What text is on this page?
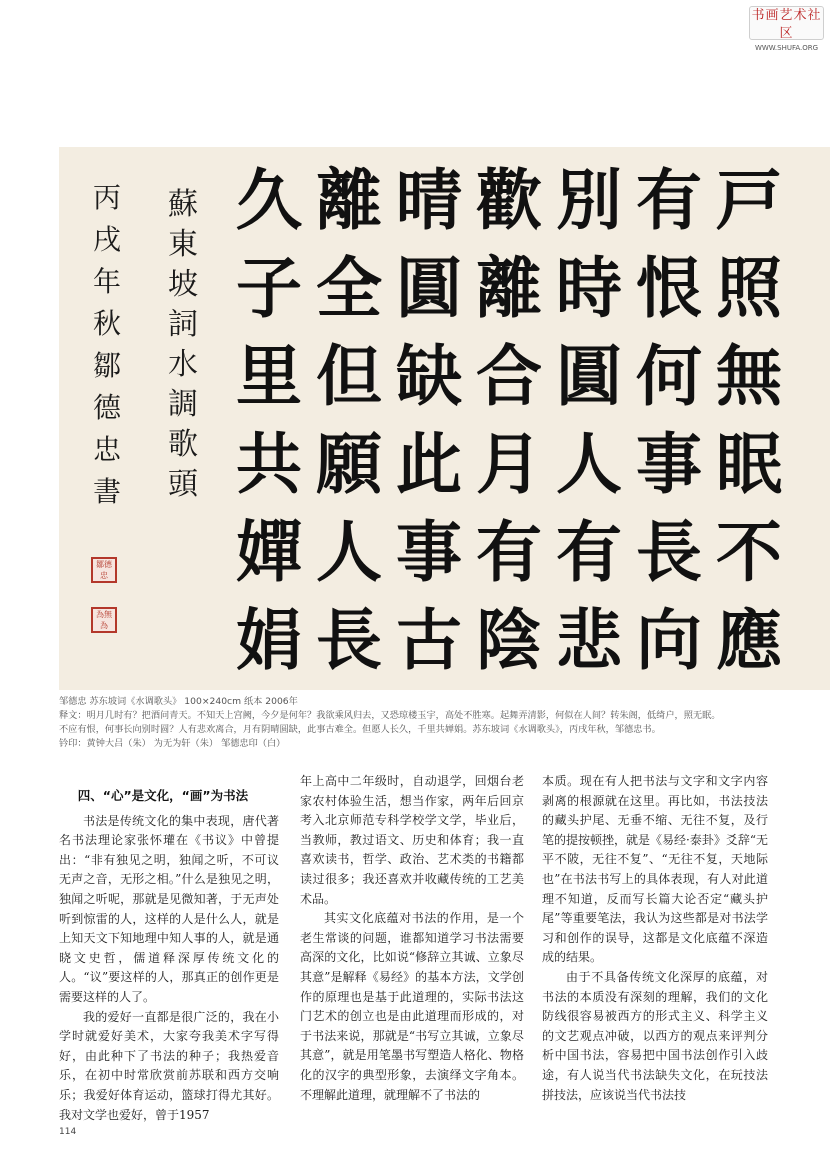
书画艺术社区
WWW.SHUFA.ORG
久 離 晴 歡 別 有 戸
子 全 圓 離 時 恨 照
里 但 缺 合 圓 何 無
共 願 此 月 人 事 眠
嬋 人 事 有 有 長 不
娟 長 古 陰 悲 向 應
蘇
東
坡
詞
水
調
歌
頭
丙
戌
年
秋
鄒
德
忠
書
鄒德忠
為無為
邹德忠 苏东坡词《水调歌头》 100×240cm 纸本 2006年
释文：明月几时有？把酒问青天。不知天上宫阙，今夕是何年？我欲乘风归去，又恐琼楼玉宇，高处不胜寒。起舞弄清影，何似在人间？转朱阁，低绮户，照无眠。
不应有恨，何事长向别时圆？人有悲欢离合，月有阴晴圆缺，此事古难全。但愿人长久，千里共婵娟。苏东坡词《水调歌头》，丙戌年秋，邹德忠书。
钤印：黄钟大吕（朱） 为无为轩（朱） 邹德忠印（白）
四、“心”是文化，“画”为书法

书法是传统文化的集中表现，唐代著名书法理论家张怀瓘在《书议》中曾提出：“非有独见之明，独闻之听，不可议无声之音，无形之相。”什么是独见之明，独闻之听呢，那就是见微知著，于无声处听到惊雷的人，这样的人是什么人，就是上知天文下知地理中知人事的人，就是通晓文史哲，儒道释深厚传统文化的人。“议”要这样的人，那真正的创作更是需要这样的人了。

我的爱好一直都是很广泛的，我在小学时就爱好美术，大家夸我美术字写得好，由此种下了书法的种子；我热爱音乐，在初中时常欣赏前苏联和西方交响乐；我爱好体育运动，篮球打得尤其好。我对文学也爱好，曾于1957

年上高中二年级时，自动退学，回烟台老家农村体验生活，想当作家，两年后回京考入北京师范专科学校学文学，毕业后，当教师，教过语文、历史和体育；我一直喜欢读书，哲学、政治、艺术类的书籍都读过很多；我还喜欢并收藏传统的工艺美术品。

其实文化底蕴对书法的作用，是一个老生常谈的问题，谁都知道学习书法需要高深的文化，比如说“修辞立其诚、立象尽其意”是解释《易经》的基本方法，文学创作的原理也是基于此道理的，实际书法这门艺术的创立也是由此道理而形成的，对于书法来说，那就是“书写立其诚，立象尽其意”，就是用笔墨书写塑造人格化、物格化的汉字的典型形象，去演绎文字角本。不理解此道理，就理解不了书法的

本质。现在有人把书法与文字和文字内容剥离的根源就在这里。再比如，书法技法的藏头护尾、无垂不缩、无往不复，及行笔的提按顿挫，就是《易经·泰卦》爻辞“无平不陂，无往不复”、“无往不复，天地际也”在书法书写上的具体表现，有人对此道理不知道，反而写长篇大论否定“藏头护尾”等重要笔法，我认为这些都是对书法学习和创作的误导，这都是文化底蕴不深造成的结果。

由于不具备传统文化深厚的底蕴，对书法的本质没有深刻的理解，我们的文化防线很容易被西方的形式主义、科学主义的文艺观点冲破，以西方的观点来评判分析中国书法，容易把中国书法创作引入歧途，有人说当代书法缺失文化，在玩技法拼技法，应该说当代书法技

114
